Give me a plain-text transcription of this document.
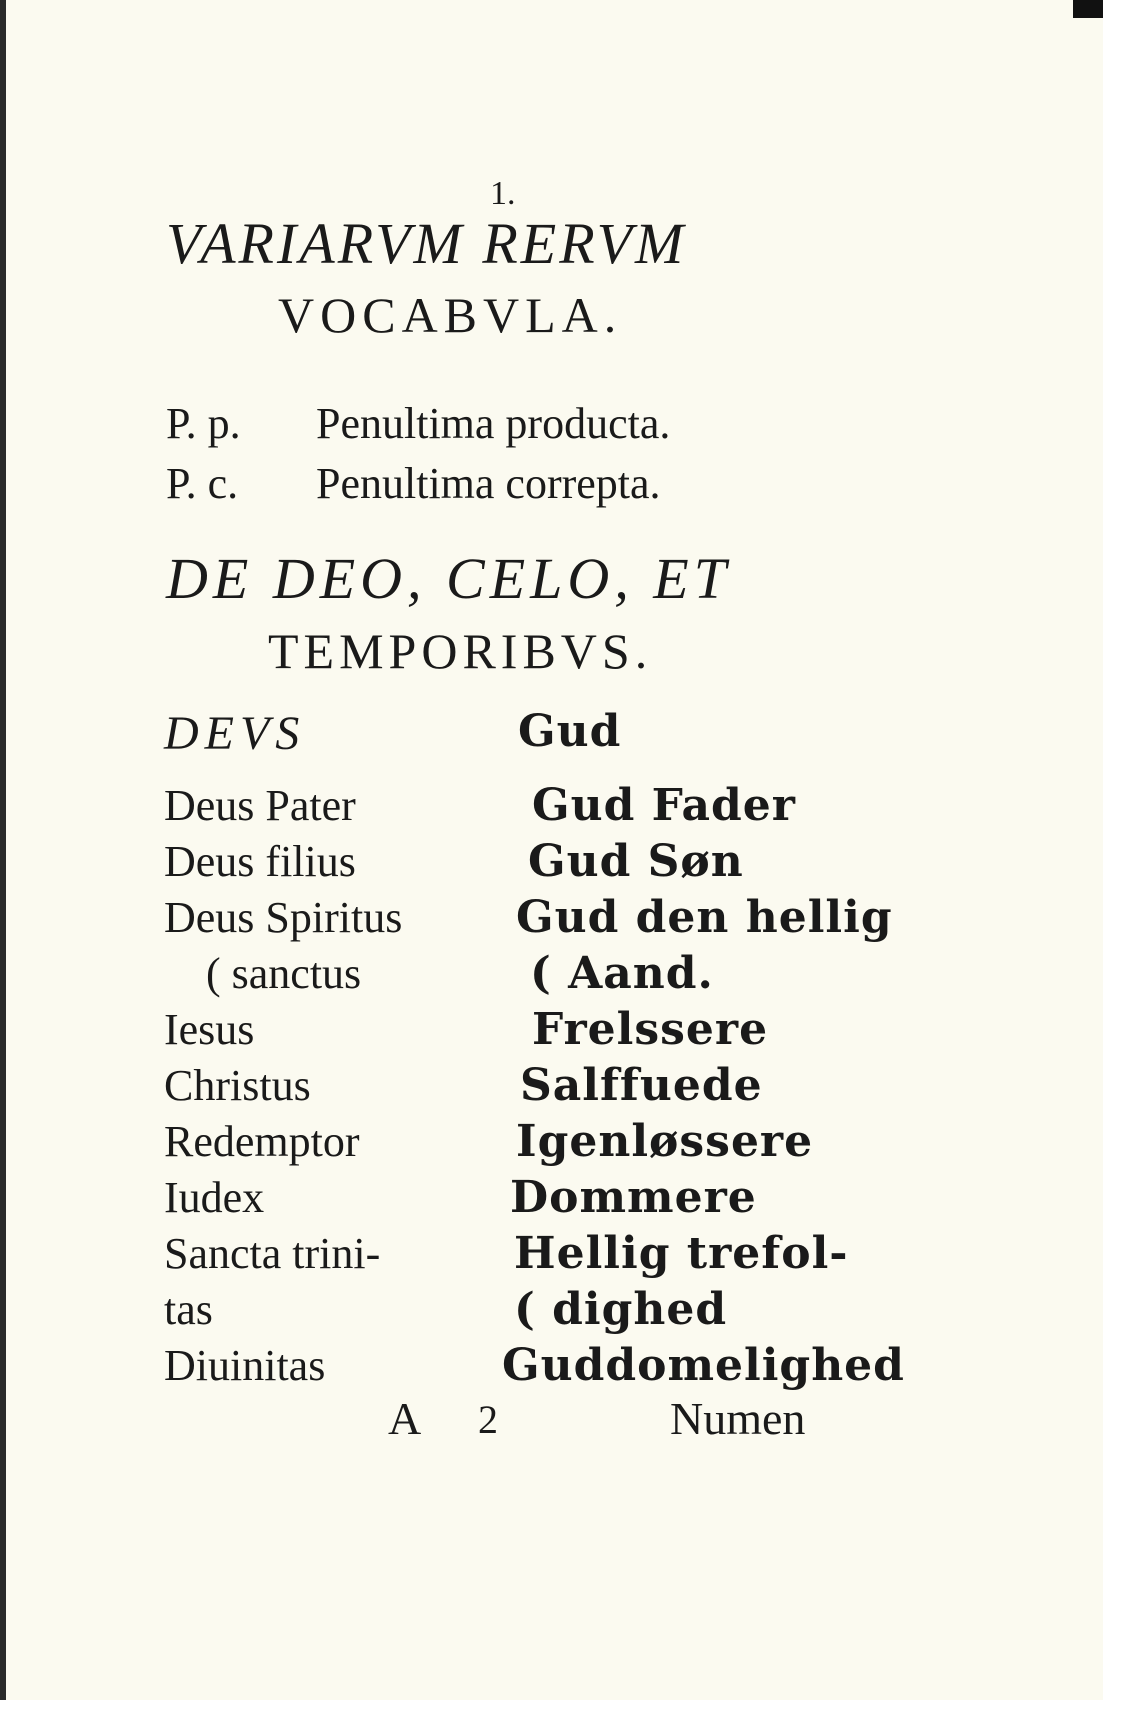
1.
VARIARVM RERVM
VOCABVLA.
P. p. Penultima producta.
P. c. Penultima correpta.
DE DEO, CELO, ET
TEMPORIBVS.
DEVS	Gud
Deus Pater	Gud Fader
Deus filius	Gud Søn
Deus Spiritus	Gud den hellig
( sanctus	( Aand.
Iesus	Frelssere
Christus	Salffuede
Redemptor	Igenløssere
Iudex	Dommere
Sancta trini-	Hellig trefol-
tas	( dighed
Diuinitas	Guddomelighed
A 2	Numen
